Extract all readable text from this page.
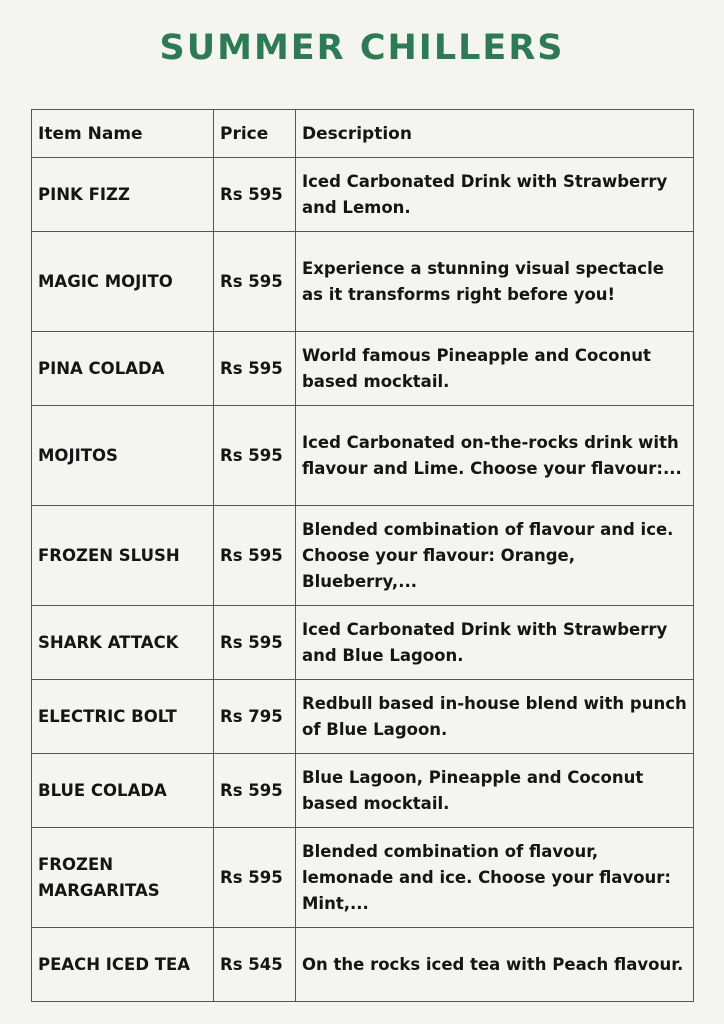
SUMMER CHILLERS
Item Name	Price	Description
PINK FIZZ	Rs 595	Iced Carbonated Drink with Strawberry and Lemon.
MAGIC MOJITO	Rs 595	Experience a stunning visual spectacle as it transforms right before you!
PINA COLADA	Rs 595	World famous Pineapple and Coconut based mocktail.
MOJITOS	Rs 595	Iced Carbonated on-the-rocks drink with flavour and Lime. Choose your flavour:...
FROZEN SLUSH	Rs 595	Blended combination of flavour and ice. Choose your flavour: Orange, Blueberry,...
SHARK ATTACK	Rs 595	Iced Carbonated Drink with Strawberry and Blue Lagoon.
ELECTRIC BOLT	Rs 795	Redbull based in-house blend with punch of Blue Lagoon.
BLUE COLADA	Rs 595	Blue Lagoon, Pineapple and Coconut based mocktail.
FROZEN MARGARITAS	Rs 595	Blended combination of flavour, lemonade and ice. Choose your flavour: Mint,...
PEACH ICED TEA	Rs 545	On the rocks iced tea with Peach flavour.
